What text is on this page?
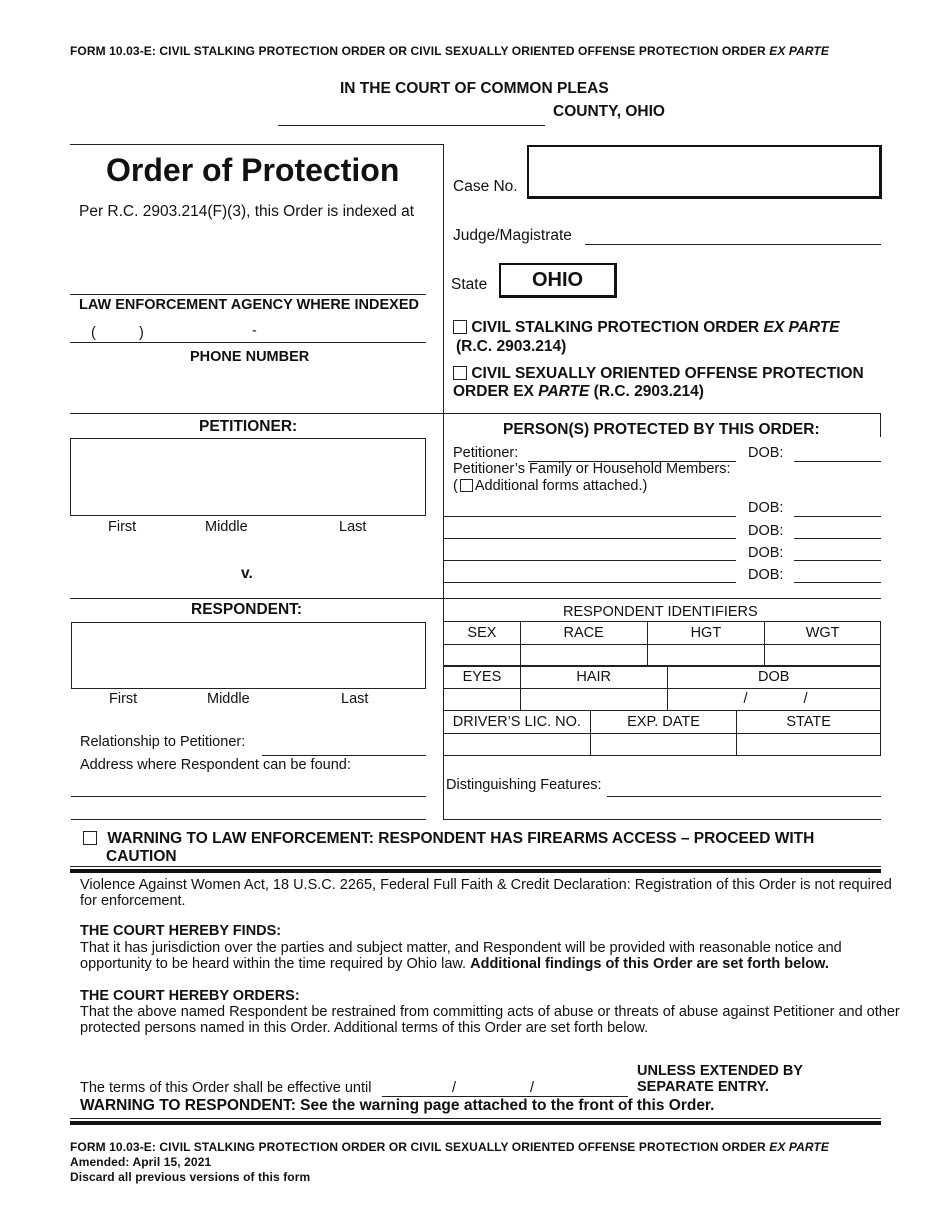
FORM 10.03-E: CIVIL STALKING PROTECTION ORDER OR CIVIL SEXUALLY ORIENTED OFFENSE PROTECTION ORDER EX PARTE
IN THE COURT OF COMMON PLEAS
COUNTY, OHIO
Order of Protection
Per R.C. 2903.214(F)(3), this Order is indexed at
LAW ENFORCEMENT AGENCY WHERE INDEXED
(	)	-
PHONE NUMBER
Case No.
Judge/Magistrate
State	OHIO
CIVIL STALKING PROTECTION ORDER EX PARTE
(R.C. 2903.214)
CIVIL SEXUALLY ORIENTED OFFENSE PROTECTION
ORDER EX PARTE (R.C. 2903.214)
PETITIONER:
First	Middle	Last
v.
PERSON(S) PROTECTED BY THIS ORDER:
Petitioner:	DOB:
Petitioner’s Family or Household Members:
( Additional forms attached.)
DOB:
DOB:
DOB:
DOB:
RESPONDENT:
First	Middle	Last
Relationship to Petitioner:
Address where Respondent can be found:
RESPONDENT IDENTIFIERS
SEX	RACE	HGT	WGT

EYES	HAIR	DOB

		/ /
DRIVER’S LIC. NO.	EXP. DATE	STATE

Distinguishing Features:
WARNING TO LAW ENFORCEMENT: RESPONDENT HAS FIREARMS ACCESS – PROCEED WITH
CAUTION
Violence Against Women Act, 18 U.S.C. 2265, Federal Full Faith & Credit Declaration: Registration of this Order is not required
for enforcement.
THE COURT HEREBY FINDS:
That it has jurisdiction over the parties and subject matter, and Respondent will be provided with reasonable notice and
opportunity to be heard within the time required by Ohio law. Additional findings of this Order are set forth below.
THE COURT HEREBY ORDERS:
That the above named Respondent be restrained from committing acts of abuse or threats of abuse against Petitioner and other
protected persons named in this Order. Additional terms of this Order are set forth below.
The terms of this Order shall be effective until	/	/
UNLESS EXTENDED BY
SEPARATE ENTRY.
WARNING TO RESPONDENT: See the warning page attached to the front of this Order.
FORM 10.03-E: CIVIL STALKING PROTECTION ORDER OR CIVIL SEXUALLY ORIENTED OFFENSE PROTECTION ORDER EX PARTE
Amended: April 15, 2021
Discard all previous versions of this form
